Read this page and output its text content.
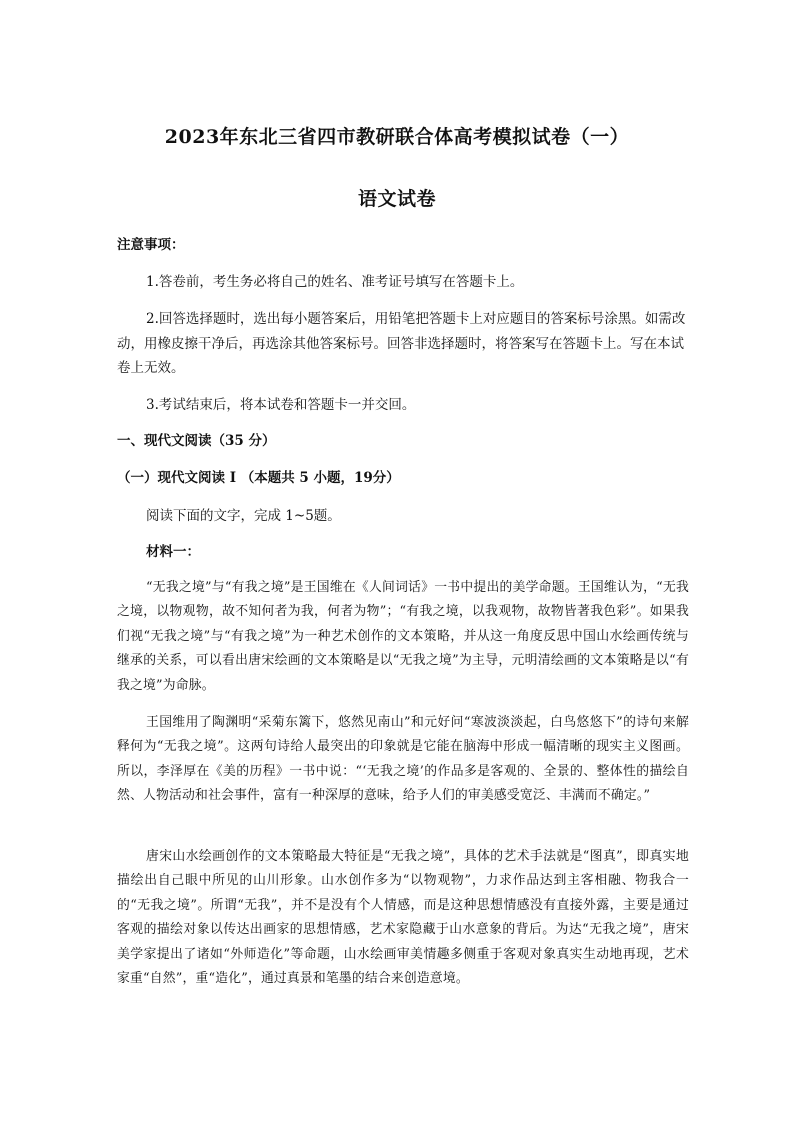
2023年东北三省四市教研联合体高考模拟试卷（一）
语文试卷
注意事项：
1.答卷前，考生务必将自己的姓名、准考证号填写在答题卡上。
2.回答选择题时，选出每小题答案后，用铅笔把答题卡上对应题目的答案标号涂黑。如需改动，用橡皮擦干净后，再选涂其他答案标号。回答非选择题时，将答案写在答题卡上。写在本试卷上无效。
3.考试结束后，将本试卷和答题卡一并交回。
一、现代文阅读（35 分）
（一）现代文阅读 I （本题共 5 小题，19分）
阅读下面的文字，完成 1~5题。
材料一：
“无我之境”与“有我之境”是王国维在《人间词话》一书中提出的美学命题。王国维认为，“无我之境，以物观物，故不知何者为我，何者为物”；“有我之境，以我观物，故物皆著我色彩”。如果我们视“无我之境”与“有我之境”为一种艺术创作的文本策略，并从这一角度反思中国山水绘画传统与继承的关系，可以看出唐宋绘画的文本策略是以“无我之境”为主导，元明清绘画的文本策略是以“有我之境”为命脉。
王国维用了陶渊明“采菊东篱下，悠然见南山”和元好问“寒波淡淡起，白鸟悠悠下”的诗句来解释何为“无我之境”。这两句诗给人最突出的印象就是它能在脑海中形成一幅清晰的现实主义图画。所以，李泽厚在《美的历程》一书中说：“‘无我之境’的作品多是客观的、全景的、整体性的描绘自然、人物活动和社会事件，富有一种深厚的意味，给予人们的审美感受宽泛、丰满而不确定。”
唐宋山水绘画创作的文本策略最大特征是“无我之境”，具体的艺术手法就是“图真”，即真实地描绘出自己眼中所见的山川形象。山水创作多为“以物观物”，力求作品达到主客相融、物我合一的“无我之境”。所谓“无我”，并不是没有个人情感，而是这种思想情感没有直接外露，主要是通过客观的描绘对象以传达出画家的思想情感，艺术家隐藏于山水意象的背后。为达“无我之境”，唐宋美学家提出了诸如“外师造化”等命题，山水绘画审美情趣多侧重于客观对象真实生动地再现，艺术家重“自然”，重“造化”，通过真景和笔墨的结合来创造意境。
